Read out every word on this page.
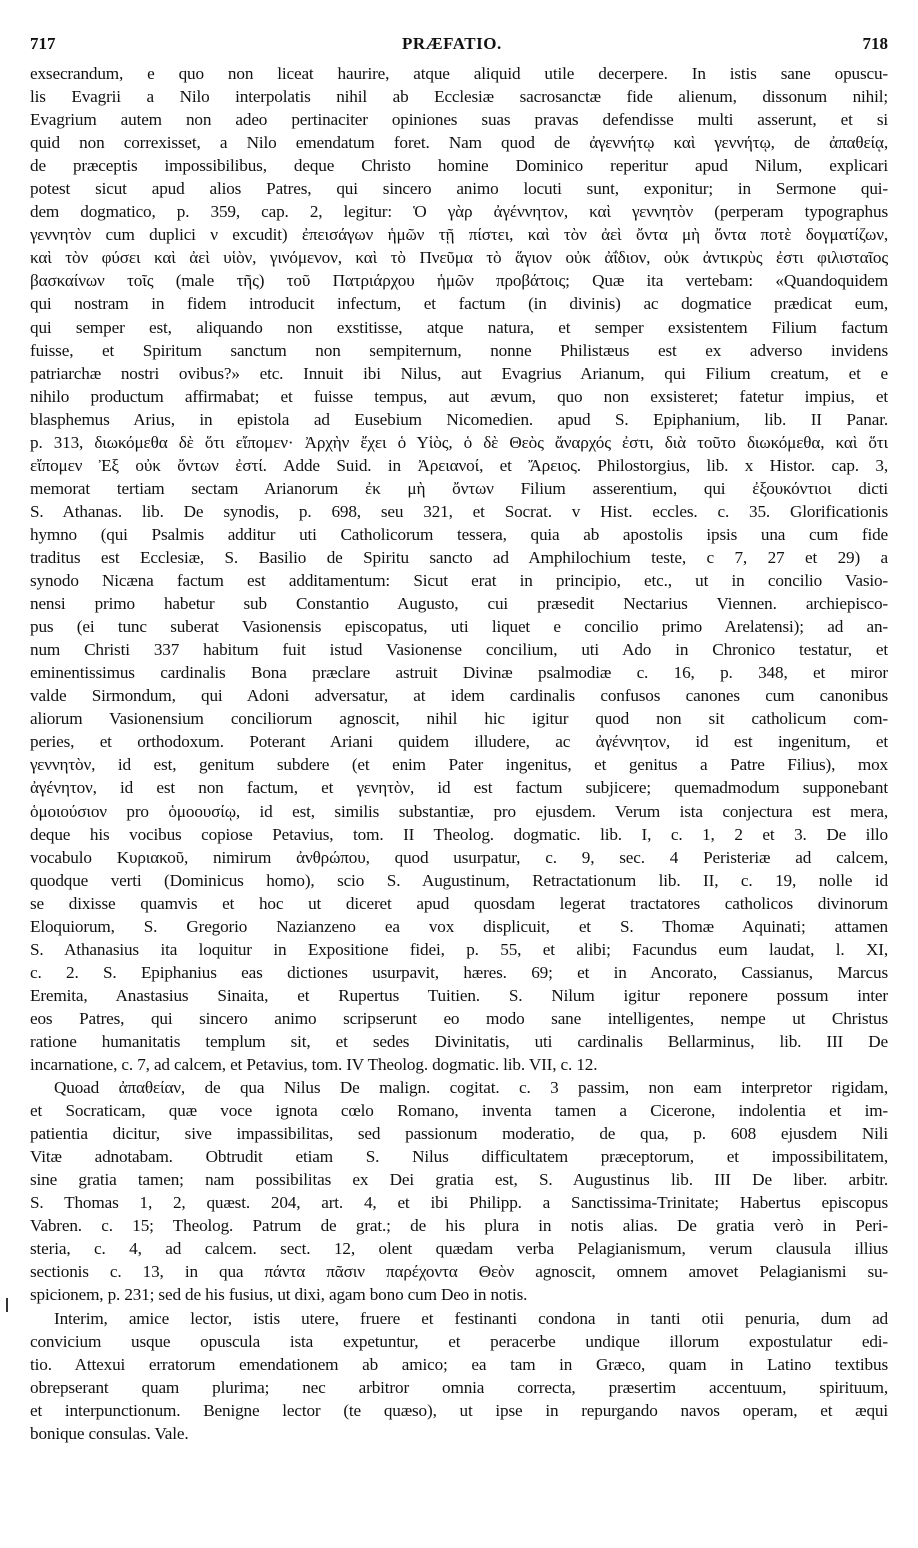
717	PRÆFATIO.	718
exsecrandum, e quo non liceat haurire, atque aliquid utile decerpere. In istis sane opuscu-
lis Evagrii a Nilo interpolatis nihil ab Ecclesiæ sacrosanctæ fide alienum, dissonum nihil;
Evagrium autem non adeo pertinaciter opiniones suas pravas defendisse multi asserunt, et si
quid non correxisset, a Nilo emendatum foret. Nam quod de ἀγεννήτῳ καὶ γεννήτῳ, de ἀπαθείᾳ,
de præceptis impossibilibus, deque Christo homine Dominico reperitur apud Nilum, explicari
potest sicut apud alios Patres, qui sincero animo locuti sunt, exponitur; in Sermone qui-
dem dogmatico, p. 359, cap. 2, legitur: Ὁ γὰρ ἀγέννητον, καὶ γεννητὸν (perperam typographus
γεννητὸν cum duplici ν excudit) ἐπεισάγων ἡμῶν τῇ πίστει, καὶ τὸν ἀεὶ ὄντα μὴ ὄντα ποτὲ δογματίζων,
καὶ τὸν φύσει καὶ ἀεὶ υἱὸν, γινόμενον, καὶ τὸ Πνεῦμα τὸ ἅγιον οὐκ ἀΐδιον, οὐκ ἀντικρὺς ἐστι φιλισταῖος
βασκαίνων τοῖς (male τῆς) τοῦ Πατριάρχου ἡμῶν προβάτοις; Quæ ita vertebam: «Quandoquidem
qui nostram in fidem introducit infectum, et factum (in divinis) ac dogmatice prædicat eum,
qui semper est, aliquando non exstitisse, atque natura, et semper exsistentem Filium factum
fuisse, et Spiritum sanctum non sempiternum, nonne Philistæus est ex adverso invidens
patriarchæ nostri ovibus?» etc. Innuit ibi Nilus, aut Evagrius Arianum, qui Filium creatum, et e
nihilo productum affirmabat; et fuisse tempus, aut ævum, quo non exsisteret; fatetur impius, et
blasphemus Arius, in epistola ad Eusebium Nicomedien. apud S. Epiphanium, lib. II Panar.
p. 313, διωκόμεθα δὲ ὅτι εἴπομεν· Ἀρχὴν ἔχει ὁ Υἱὸς, ὁ δὲ Θεὸς ἄναρχός ἐστι, διὰ τοῦτο διωκόμεθα, καὶ ὅτι
εἴπομεν Ἐξ οὐκ ὄντων ἐστί. Adde Suid. in Ἀρειανοί, et Ἄρειος. Philostorgius, lib. x Histor. cap. 3,
memorat tertiam sectam Arianorum ἐκ μὴ ὄντων Filium asserentium, qui ἐξουκόντιοι dicti
S. Athanas. lib. De synodis, p. 698, seu 321, et Socrat. v Hist. eccles. c. 35. Glorificationis
hymno (qui Psalmis additur uti Catholicorum tessera, quia ab apostolis ipsis una cum fide
traditus est Ecclesiæ, S. Basilio de Spiritu sancto ad Amphilochium teste, c 7, 27 et 29) a
synodo Nicæna factum est additamentum: Sicut erat in principio, etc., ut in concilio Vasio-
nensi primo habetur sub Constantio Augusto, cui præsedit Nectarius Viennen. archiepisco-
pus (ei tunc suberat Vasionensis episcopatus, uti liquet e concilio primo Arelatensi); ad an-
num Christi 337 habitum fuit istud Vasionense concilium, uti Ado in Chronico testatur, et
eminentissimus cardinalis Bona præclare astruit Divinæ psalmodiæ c. 16, p. 348, et miror
valde Sirmondum, qui Adoni adversatur, at idem cardinalis confusos canones cum canonibus
aliorum Vasionensium conciliorum agnoscit, nihil hic igitur quod non sit catholicum com-
peries, et orthodoxum. Poterant Ariani quidem illudere, ac ἀγέννητον, id est ingenitum, et
γεννητὸν, id est, genitum subdere (et enim Pater ingenitus, et genitus a Patre Filius), mox
ἀγένητον, id est non factum, et γενητὸν, id est factum subjicere; quemadmodum supponebant
ὁμοιούσιον pro ὁμοουσίῳ, id est, similis substantiæ, pro ejusdem. Verum ista conjectura est mera,
deque his vocibus copiose Petavius, tom. II Theolog. dogmatic. lib. I, c. 1, 2 et 3. De illo
vocabulo Κυριακοῦ, nimirum ἀνθρώπου, quod usurpatur, c. 9, sec. 4 Peristeriæ ad calcem,
quodque verti (Dominicus homo), scio S. Augustinum, Retractationum lib. II, c. 19, nolle id
se dixisse quamvis et hoc ut diceret apud quosdam legerat tractatores catholicos divinorum
Eloquiorum, S. Gregorio Nazianzeno ea vox displicuit, et S. Thomæ Aquinati; attamen
S. Athanasius ita loquitur in Expositione fidei, p. 55, et alibi; Facundus eum laudat, l. XI,
c. 2. S. Epiphanius eas dictiones usurpavit, hæres. 69; et in Ancorato, Cassianus, Marcus
Eremita, Anastasius Sinaita, et Rupertus Tuitien. S. Nilum igitur reponere possum inter
eos Patres, qui sincero animo scripserunt eo modo sane intelligentes, nempe ut Christus
ratione humanitatis templum sit, et sedes Divinitatis, uti cardinalis Bellarminus, lib. III De
incarnatione, c. 7, ad calcem, et Petavius, tom. IV Theolog. dogmatic. lib. VII, c. 12.
Quoad ἀπαθείαν, de qua Nilus De malign. cogitat. c. 3 passim, non eam interpretor rigidam,
et Socraticam, quæ voce ignota cœlo Romano, inventa tamen a Cicerone, indolentia et im-
patientia dicitur, sive impassibilitas, sed passionum moderatio, de qua, p. 608 ejusdem Nili
Vitæ adnotabam. Obtrudit etiam S. Nilus difficultatem præceptorum, et impossibilitatem,
sine gratia tamen; nam possibilitas ex Dei gratia est, S. Augustinus lib. III De liber. arbitr.
S. Thomas 1, 2, quæst. 204, art. 4, et ibi Philipp. a Sanctissima-Trinitate; Habertus episcopus
Vabren. c. 15; Theolog. Patrum de grat.; de his plura in notis alias. De gratia verò in Peri-
steria, c. 4, ad calcem. sect. 12, olent quædam verba Pelagianismum, verum clausula illius
sectionis c. 13, in qua πάντα πᾶσιν παρέχοντα Θεὸν agnoscit, omnem amovet Pelagianismi su-
spicionem, p. 231; sed de his fusius, ut dixi, agam bono cum Deo in notis.
Interim, amice lector, istis utere, fruere et festinanti condona in tanti otii penuria, dum ad
convicium usque opuscula ista expetuntur, et peracerbe undique illorum expostulatur edi-
tio. Attexui erratorum emendationem ab amico; ea tam in Græco, quam in Latino textibus
obrepserant quam plurima; nec arbitror omnia correcta, præsertim accentuum, spirituum,
et interpunctionum. Benigne lector (te quæso), ut ipse in repurgando navos operam, et æqui
bonique consulas. Vale.
